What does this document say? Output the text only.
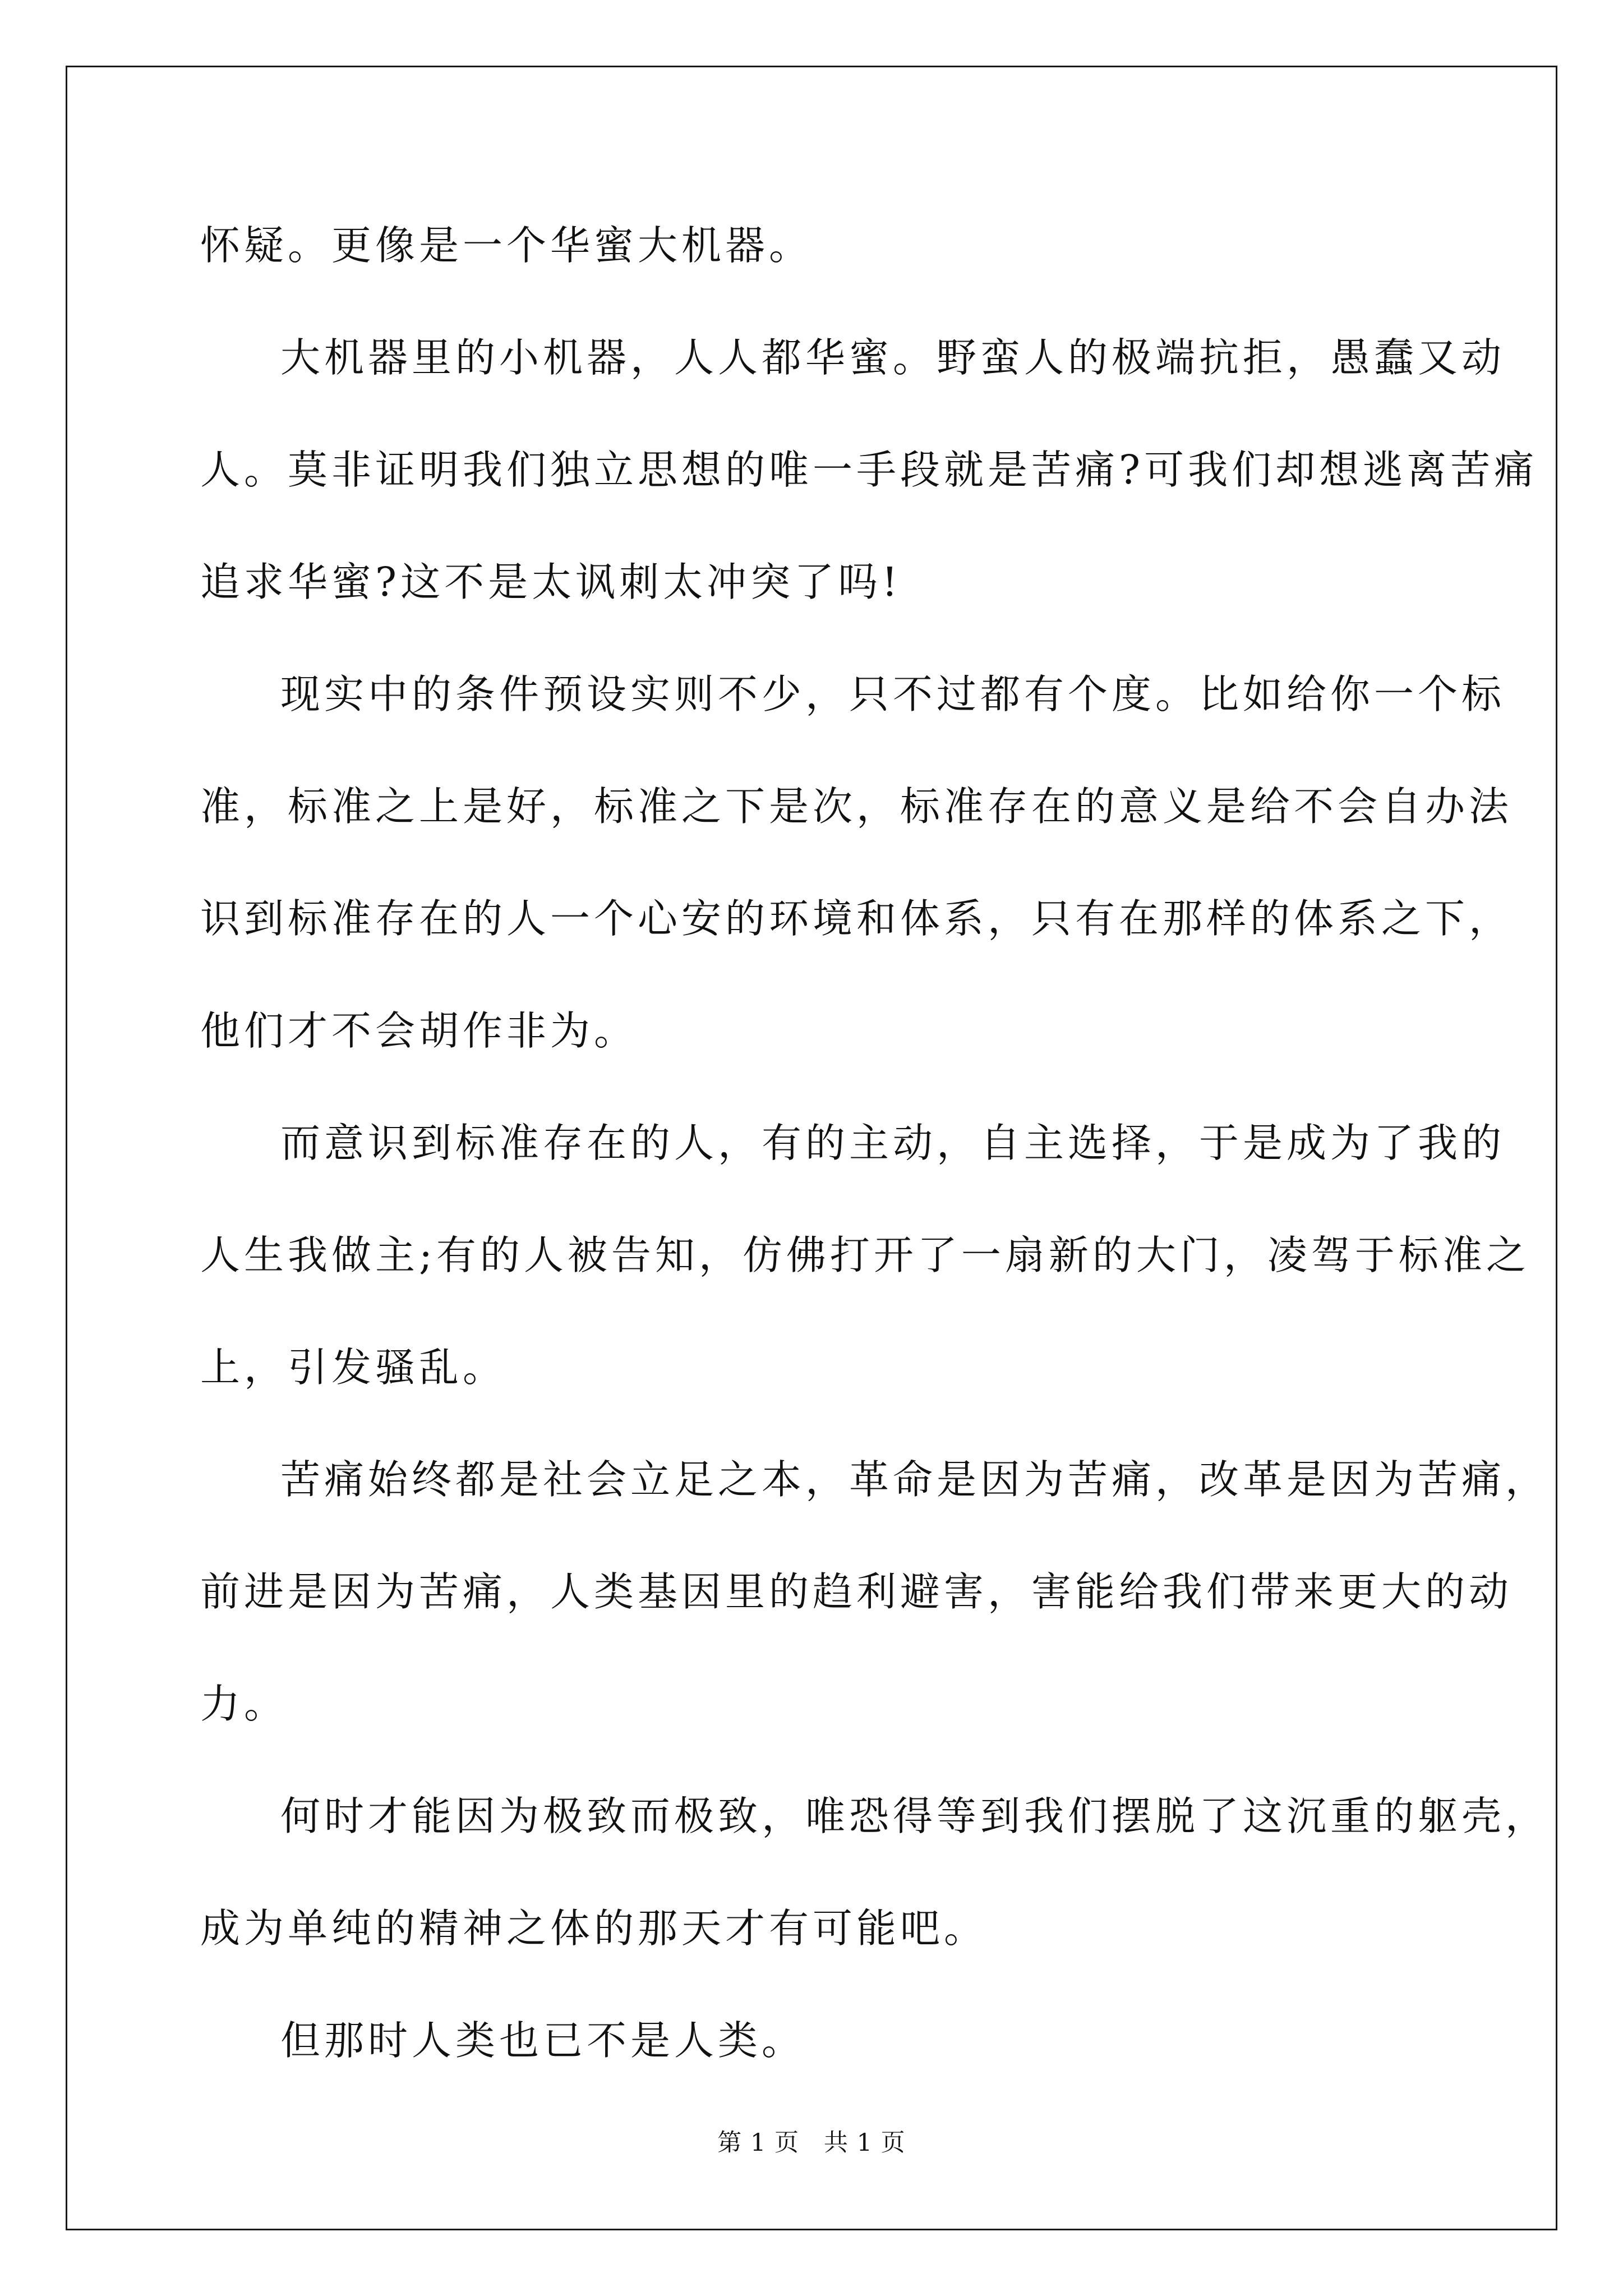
怀疑。更像是一个华蜜大机器。
大机器里的小机器，人人都华蜜。野蛮人的极端抗拒，愚蠢又动
人。莫非证明我们独立思想的唯一手段就是苦痛?可我们却想逃离苦痛
追求华蜜?这不是太讽刺太冲突了吗!
现实中的条件预设实则不少，只不过都有个度。比如给你一个标
准，标准之上是好，标准之下是次，标准存在的意义是给不会自办法
识到标准存在的人一个心安的环境和体系，只有在那样的体系之下，
他们才不会胡作非为。
而意识到标准存在的人，有的主动，自主选择，于是成为了我的
人生我做主;有的人被告知，仿佛打开了一扇新的大门，凌驾于标准之
上，引发骚乱。
苦痛始终都是社会立足之本，革命是因为苦痛，改革是因为苦痛，
前进是因为苦痛，人类基因里的趋利避害，害能给我们带来更大的动
力。
何时才能因为极致而极致，唯恐得等到我们摆脱了这沉重的躯壳，
成为单纯的精神之体的那天才有可能吧。
但那时人类也已不是人类。
第 1 页　共 1 页
